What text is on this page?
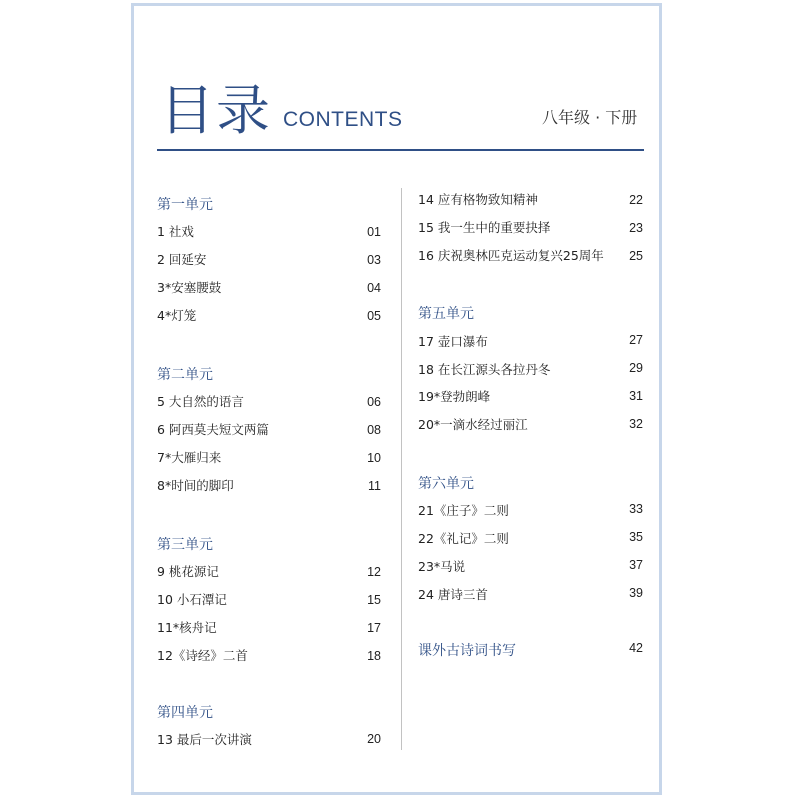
目录 CONTENTS	八年级 · 下册
第一单元
1 社戏	01
2 回延安	03
3*安塞腰鼓	04
4*灯笼	05
第二单元
5 大自然的语言	06
6 阿西莫夫短文两篇	08
7*大雁归来	10
8*时间的脚印	11
第三单元
9 桃花源记	12
10 小石潭记	15
11*核舟记	17
12《诗经》二首	18
第四单元
13 最后一次讲演	20
14 应有格物致知精神	22
15 我一生中的重要抉择	23
16 庆祝奥林匹克运动复兴25周年	25
第五单元
17 壶口瀑布	27
18 在长江源头各拉丹冬	29
19*登勃朗峰	31
20*一滴水经过丽江	32
第六单元
21《庄子》二则	33
22《礼记》二则	35
23*马说	37
24 唐诗三首	39
课外古诗词书写	42
